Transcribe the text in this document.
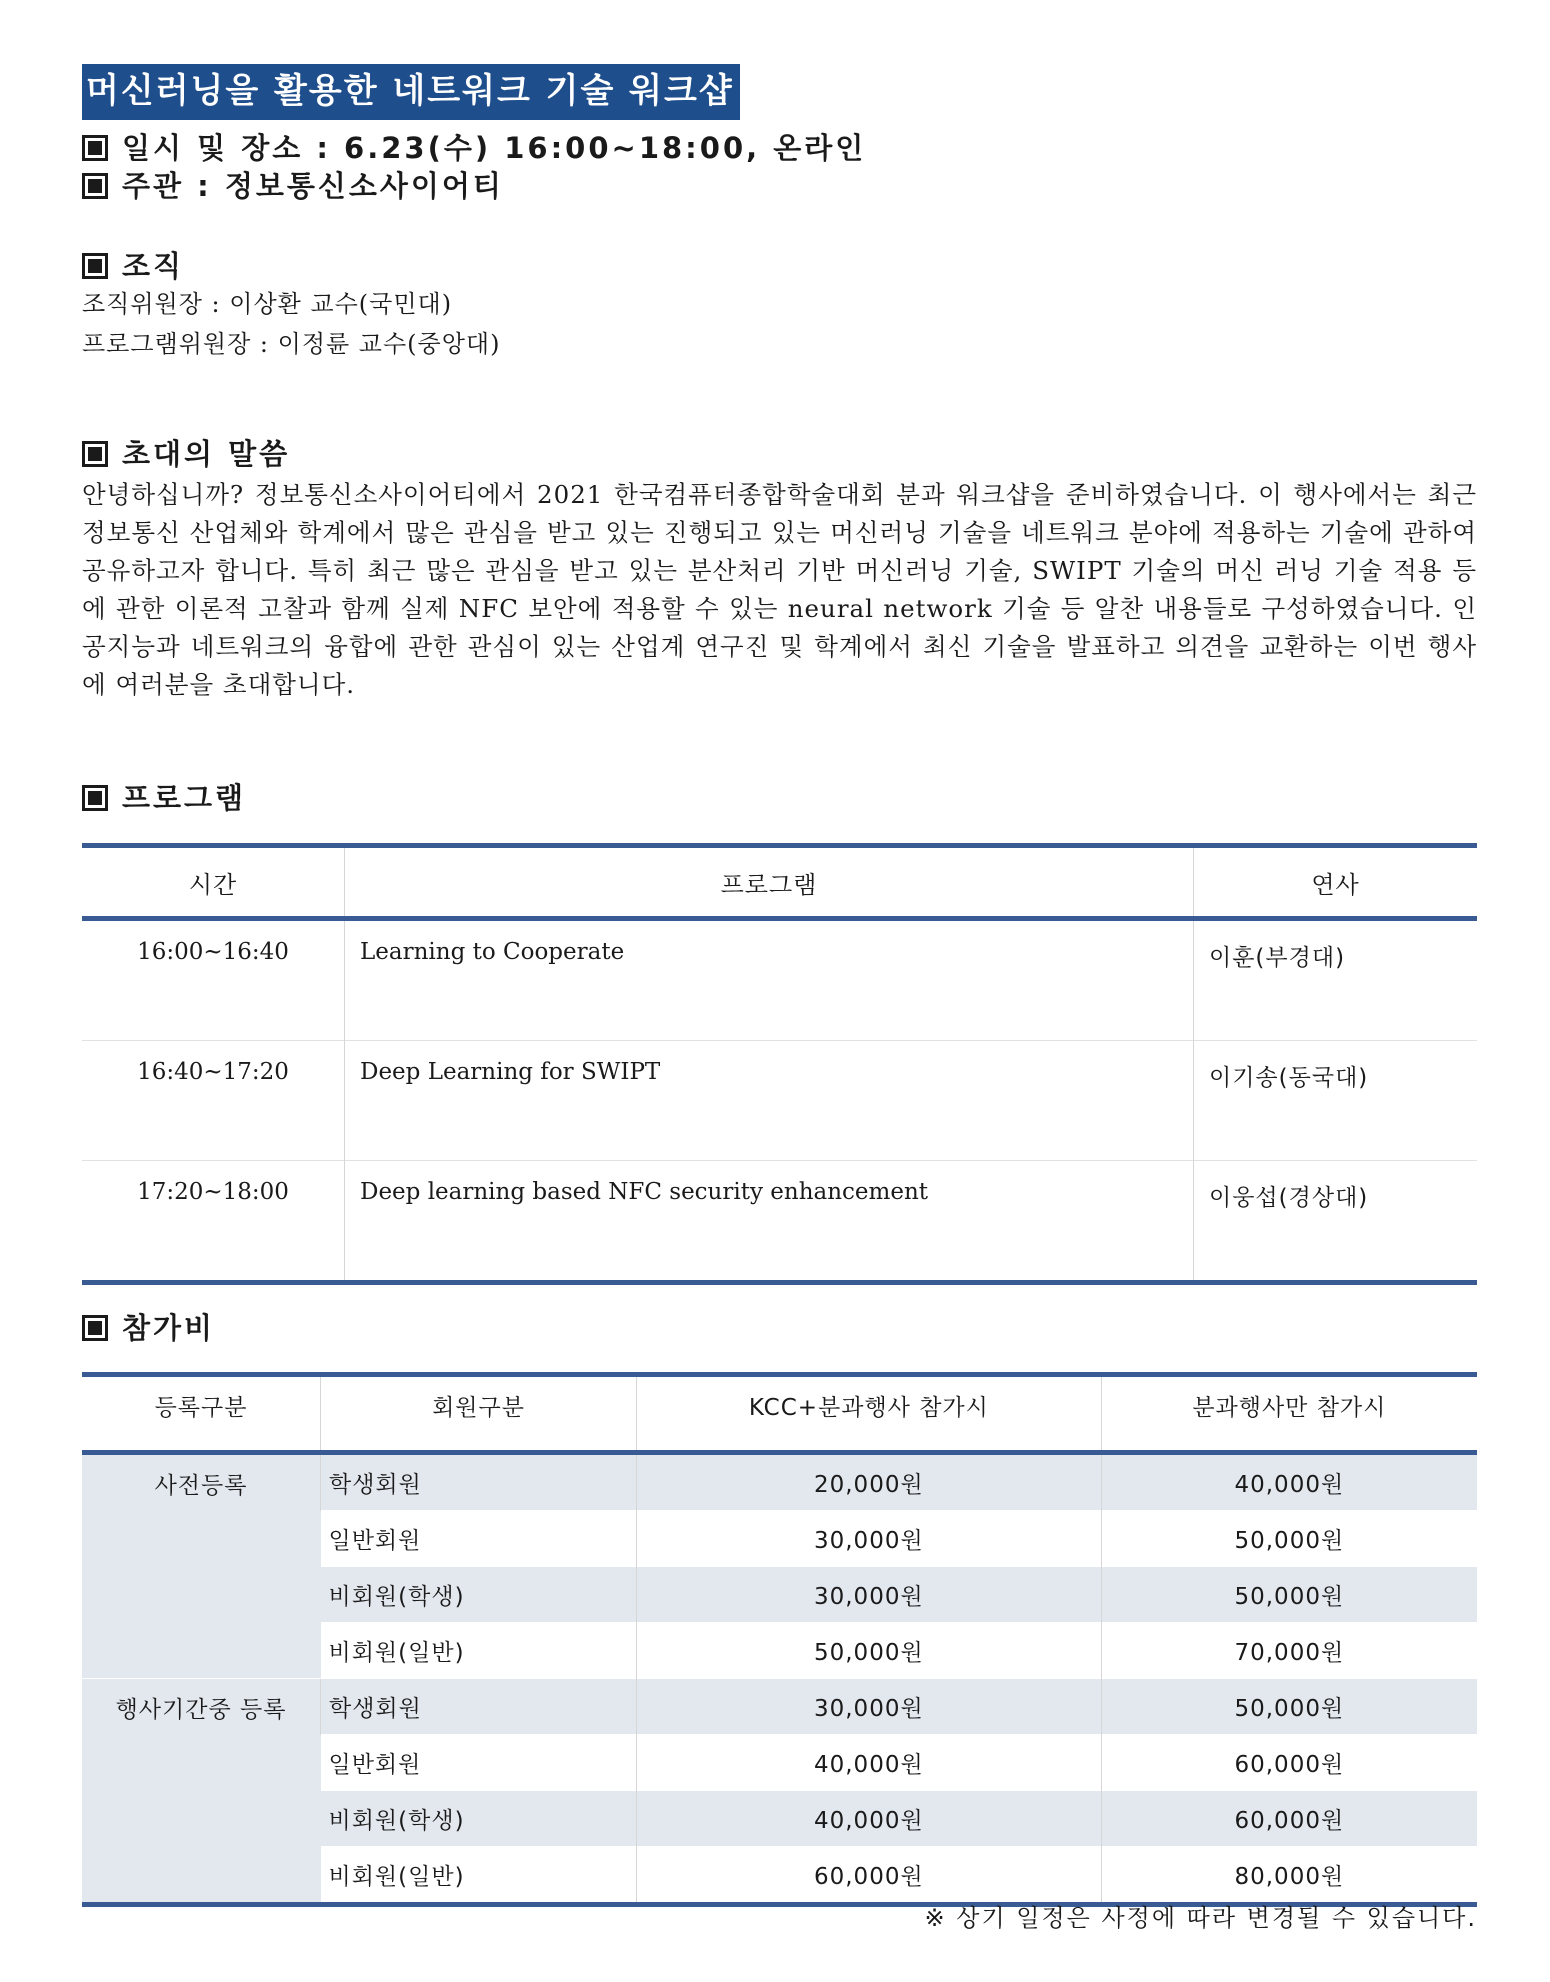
머신러닝을 활용한 네트워크 기술 워크샵
일시 및 장소 : 6.23(수) 16:00~18:00, 온라인
주관 : 정보통신소사이어티
조직
조직위원장 : 이상환 교수(국민대)
프로그램위원장 : 이정륜 교수(중앙대)
초대의 말씀
안녕하십니까? 정보통신소사이어티에서 2021 한국컴퓨터종합학술대회 분과 워크샵을 준비하였습니다. 이 행사에서는 최근 정보통신 산업체와 학계에서 많은 관심을 받고 있는 진행되고 있는 머신러닝 기술을 네트워크 분야에 적용하는 기술에 관하여 공유하고자 합니다. 특히 최근 많은 관심을 받고 있는 분산처리 기반 머신러닝 기술, SWIPT 기술의 머신 러닝 기술 적용 등에 관한 이론적 고찰과 함께 실제 NFC 보안에 적용할 수 있는 neural network 기술 등 알찬 내용들로 구성하였습니다. 인공지능과 네트워크의 융합에 관한 관심이 있는 산업계 연구진 및 학계에서 최신 기술을 발표하고 의견을 교환하는 이번 행사에 여러분을 초대합니다.
프로그램
시간	프로그램	연사
16:00~16:40	Learning to Cooperate	이훈(부경대)
16:40~17:20	Deep Learning for SWIPT	이기송(동국대)
17:20~18:00	Deep learning based NFC security enhancement	이웅섭(경상대)
참가비
등록구분	회원구분	KCC+분과행사 참가시	분과행사만 참가시
사전등록	학생회원	20,000원	40,000원
	일반회원	30,000원	50,000원
	비회원(학생)	30,000원	50,000원
	비회원(일반)	50,000원	70,000원
행사기간중 등록	학생회원	30,000원	50,000원
	일반회원	40,000원	60,000원
	비회원(학생)	40,000원	60,000원
	비회원(일반)	60,000원	80,000원
※ 상기 일정은 사정에 따라 변경될 수 있습니다.
